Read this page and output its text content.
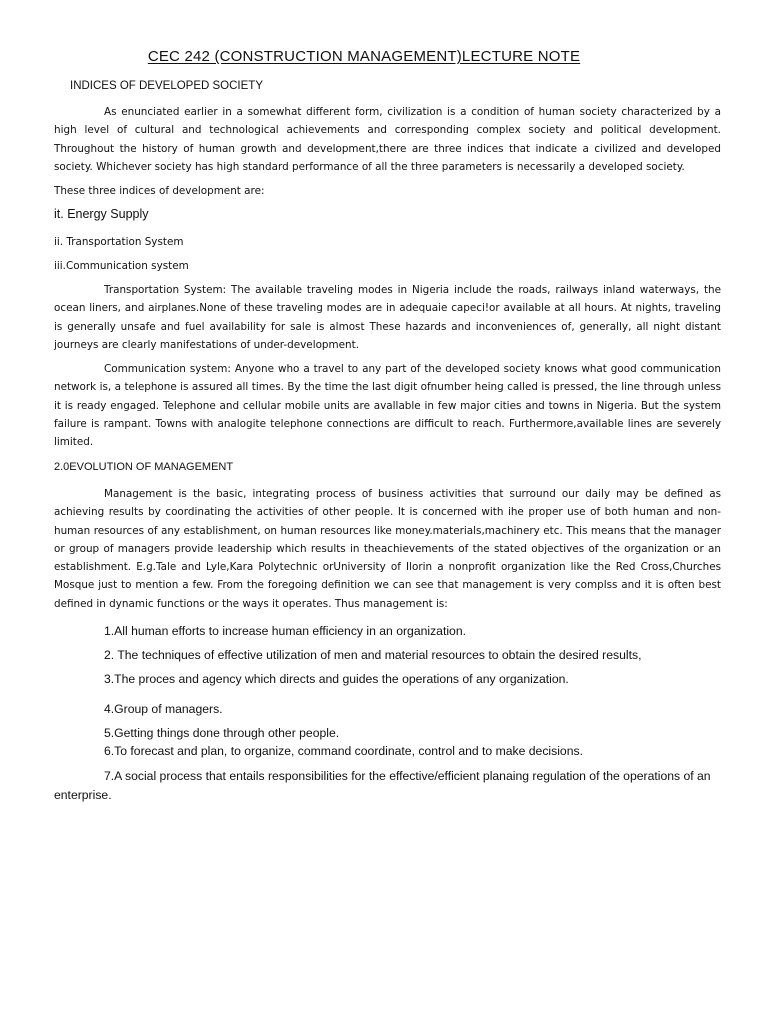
CEC 242 (CONSTRUCTION MANAGEMENT)LECTURE NOTE
INDICES OF DEVELOPED SOCIETY

As enunciated earlier in a somewhat different form, civilization is a condition of human society characterized by a high level of cultural and technological achievements and corresponding complex society and political development. Throughout the history of human growth and development,there are three indices that indicate a civilized and developed society. Whichever society has high standard performance of all the three parameters is necessarily a developed society.

These three indices of development are:
it. Energy Supply
ii. Transportation System
iii.Communication system

Transportation System: The available traveling modes in Nigeria include the roads, railways inland waterways, the ocean liners, and airplanes.None of these traveling modes are in adequaie capeci!or available at all hours. At nights, traveling is generally unsafe and fuel availability for sale is almost These hazards and inconveniences of, generally, all night distant journeys are clearly manifestations of under-development.

Communication system: Anyone who a travel to any part of the developed society knows what good communication network is, a telephone is assured all times. By the time the last digit ofnumber heing called is pressed, the line through unless it is ready engaged. Telephone and cellular mobile units are avallable in few major cities and towns in Nigeria. But the system failure is rampant. Towns with analogite telephone connections are difficult to reach. Furthermore,available lines are severely limited.

2.0EVOLUTION OF MANAGEMENT

Management is the basic, integrating process of business activities that surround our daily may be defined as achieving results by coordinating the activities of other people. It is concerned with ihe proper use of both human and non-human resources of any establishment, on human resources like money.materials,machinery etc. This means that the manager or group of managers provide leadership which results in theachievements of the stated objectives of the organization or an establishment. E.g.Tale and Lyle,Kara Polytechnic orUniversity of Ilorin a nonprofit organization like the Red Cross,Churches Mosque just to mention a few. From the foregoing definition we can see that management is very complss and it is often best defined in dynamic functions or the ways it operates. Thus management is:

1.All human efforts to increase human efficiency in an organization.
2. The techniques of effective utilization of men and material resources to obtain the desired results,
3.The proces and agency which directs and guides the operations of any organization.
4.Group of managers.
5.Getting things done through other people.
6.To forecast and plan, to organize, command coordinate, control and to make decisions.
7.A social process that entails responsibilities for the effective/efficient planaing regulation of the operations of an enterprise.
